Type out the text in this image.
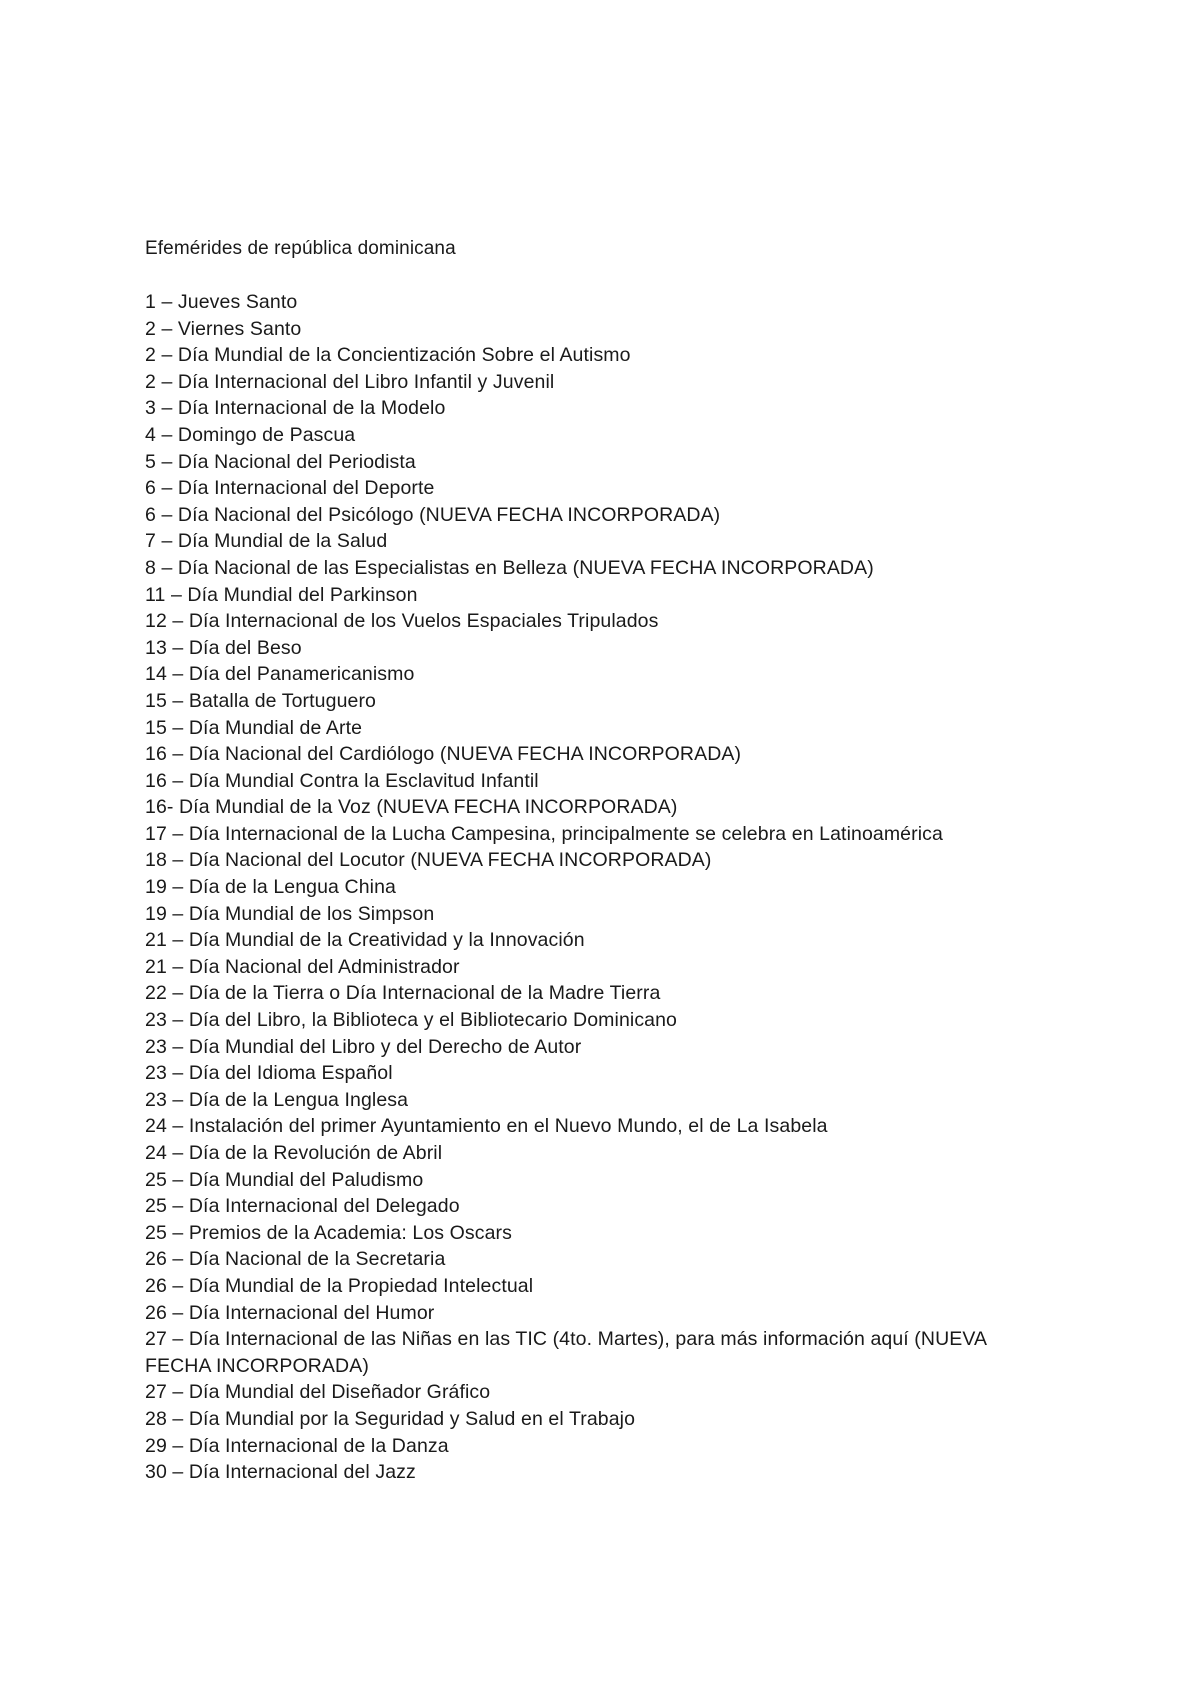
Efemérides de república dominicana
1 – Jueves Santo
2 – Viernes Santo
2 – Día Mundial de la Concientización Sobre el Autismo
2 – Día Internacional del Libro Infantil y Juvenil
3 – Día Internacional de la Modelo
4 – Domingo de Pascua
5 – Día Nacional del Periodista
6 – Día Internacional del Deporte
6 – Día Nacional del Psicólogo (NUEVA FECHA INCORPORADA)
7 – Día Mundial de la Salud
8 – Día Nacional de las Especialistas en Belleza (NUEVA FECHA INCORPORADA)
11 – Día Mundial del Parkinson
12 – Día Internacional de los Vuelos Espaciales Tripulados
13 – Día del Beso
14 – Día del Panamericanismo
15 – Batalla de Tortuguero
15 – Día Mundial de Arte
16 – Día Nacional del Cardiólogo (NUEVA FECHA INCORPORADA)
16 – Día Mundial Contra la Esclavitud Infantil
16- Día Mundial de la Voz (NUEVA FECHA INCORPORADA)
17 – Día Internacional de la Lucha Campesina, principalmente se celebra en Latinoamérica
18 – Día Nacional del Locutor (NUEVA FECHA INCORPORADA)
19 – Día de la Lengua China
19 – Día Mundial de los Simpson
21 – Día Mundial de la Creatividad y la Innovación
21 – Día Nacional del Administrador
22 – Día de la Tierra o Día Internacional de la Madre Tierra
23 – Día del Libro, la Biblioteca y el Bibliotecario Dominicano
23 – Día Mundial del Libro y del Derecho de Autor
23 – Día del Idioma Español
23 – Día de la Lengua Inglesa
24 – Instalación del primer Ayuntamiento en el Nuevo Mundo, el de La Isabela
24 – Día de la Revolución de Abril
25 – Día Mundial del Paludismo
25 – Día Internacional del Delegado
25 – Premios de la Academia: Los Oscars
26 – Día Nacional de la Secretaria
26 – Día Mundial de la Propiedad Intelectual
26 – Día Internacional del Humor
27 – Día Internacional de las Niñas en las TIC (4to. Martes), para más información aquí (NUEVA FECHA INCORPORADA)
27 – Día Mundial del Diseñador Gráfico
28 – Día Mundial por la Seguridad y Salud en el Trabajo
29 – Día Internacional de la Danza
30 – Día Internacional del Jazz
